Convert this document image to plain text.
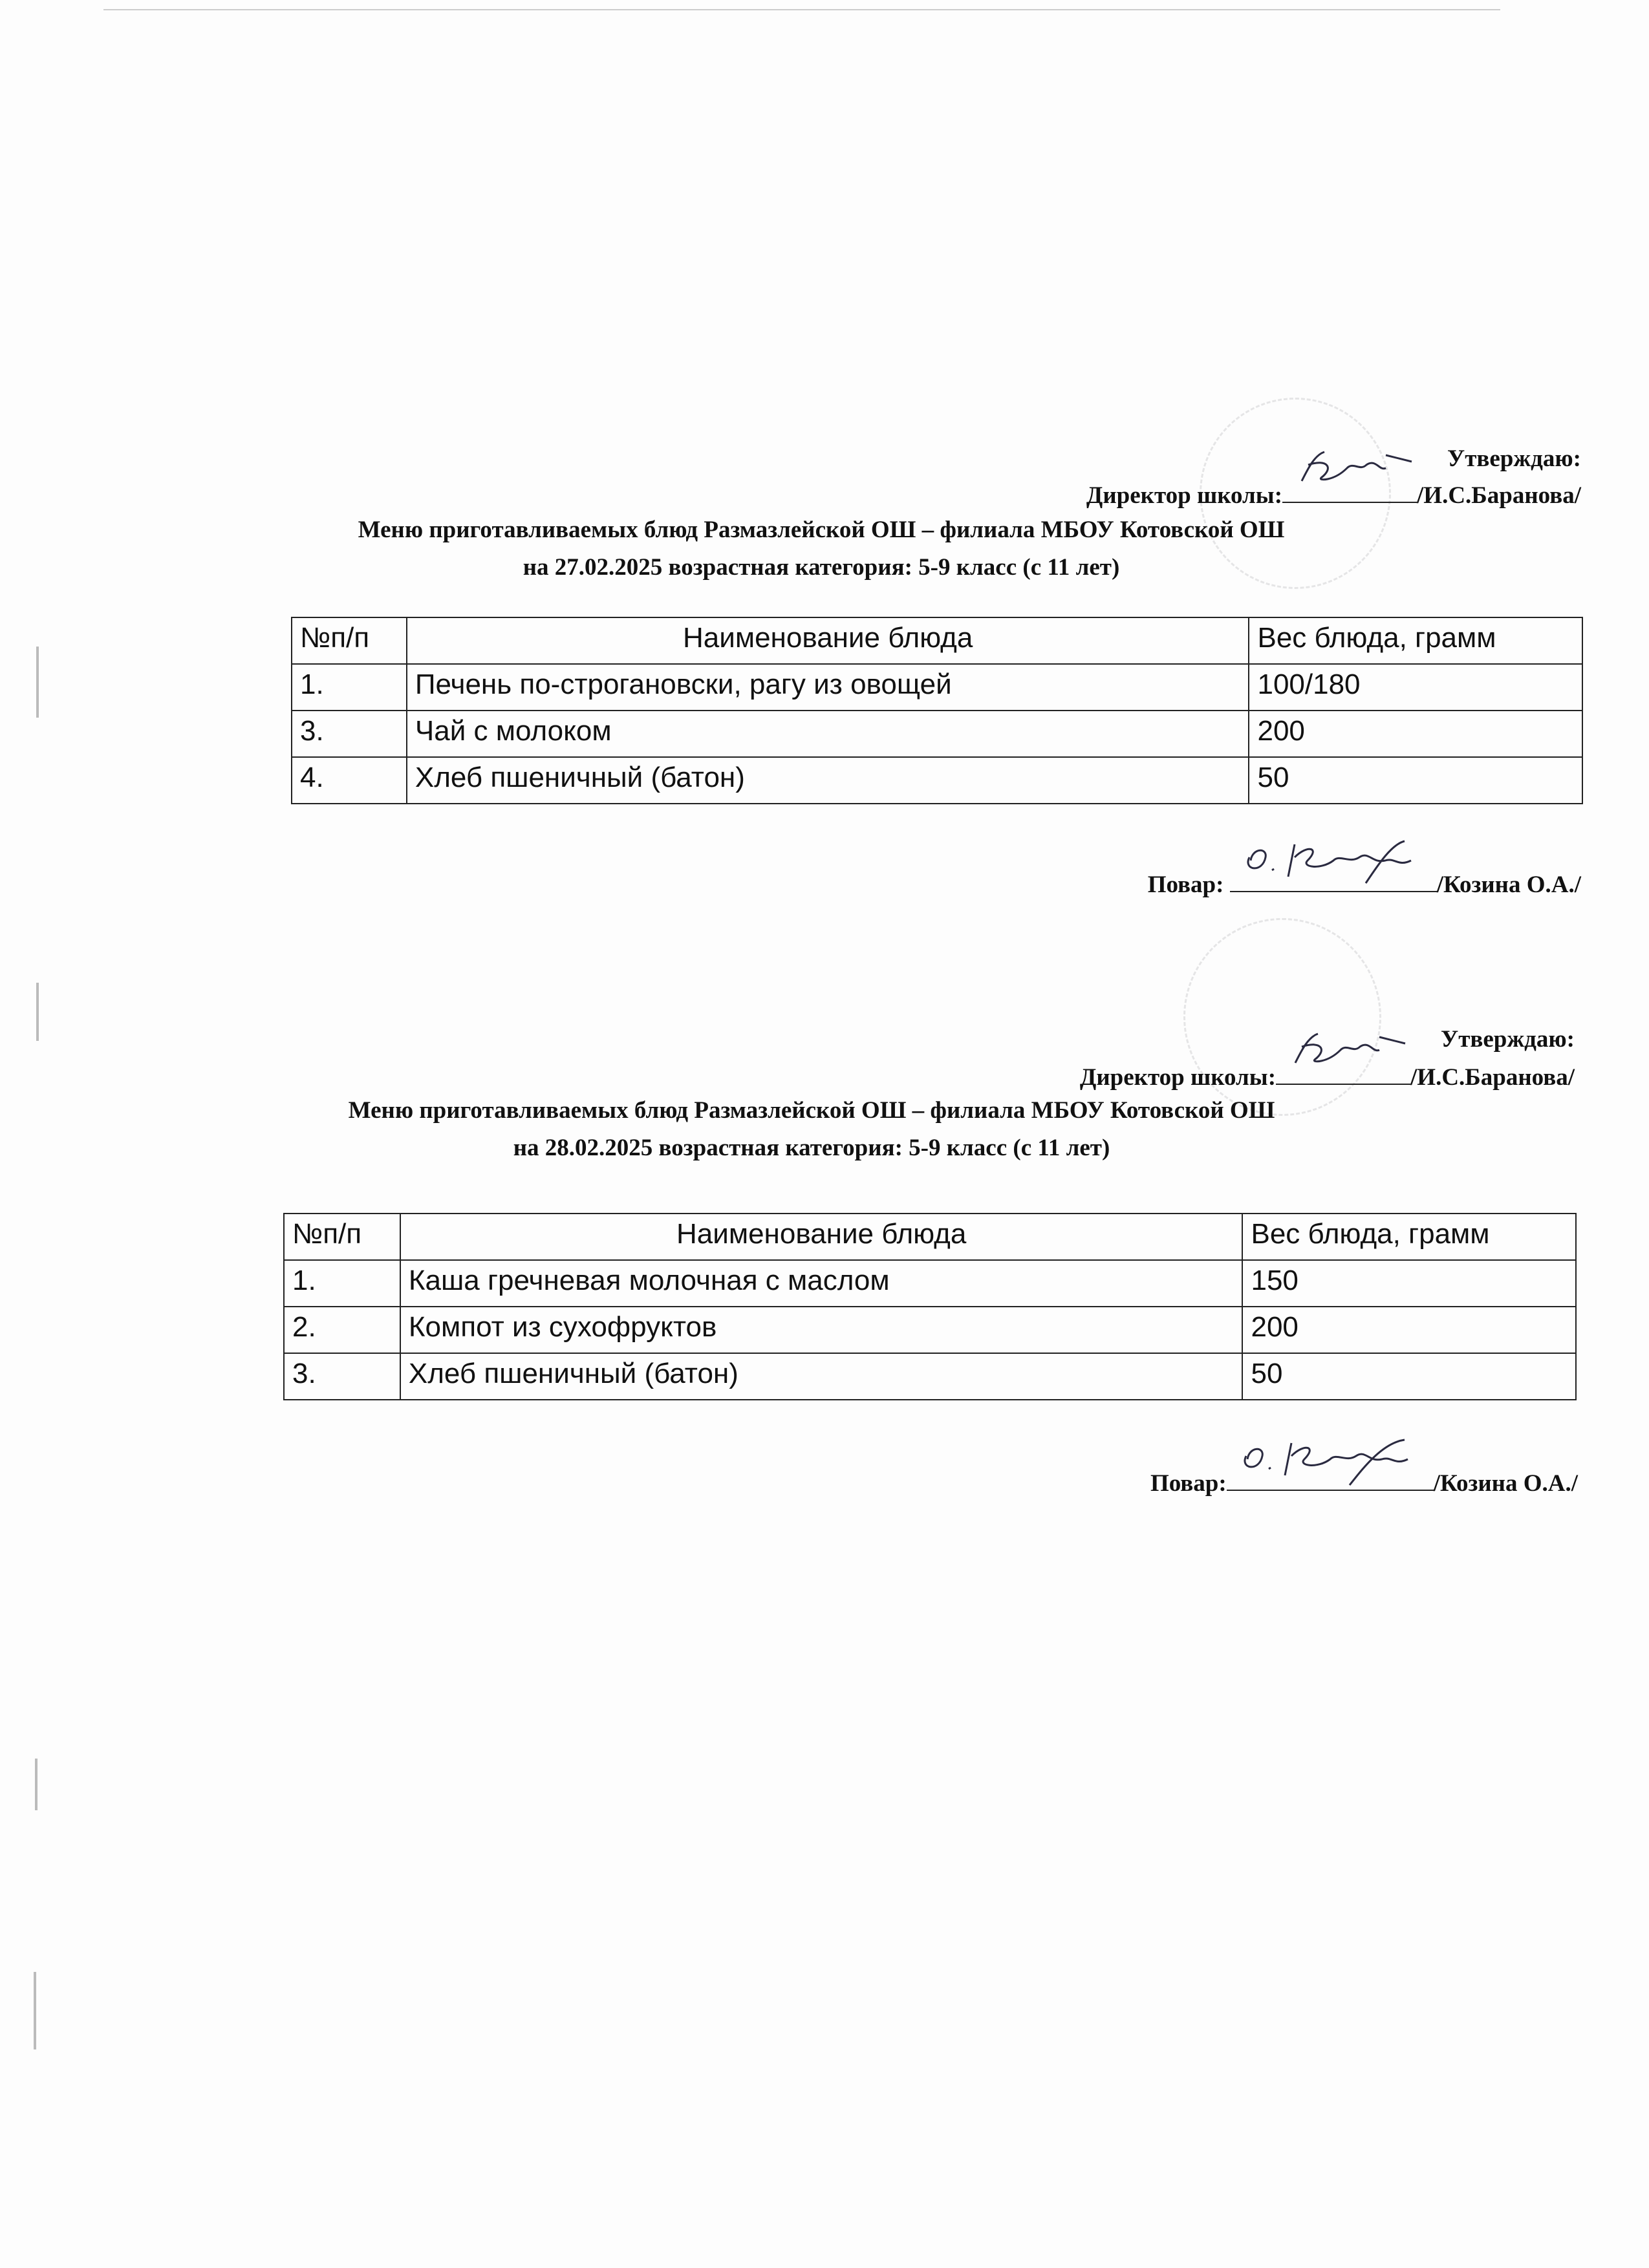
Утверждаю:
Директор школы:	/И.С.Баранова/
Меню приготавливаемых блюд Размазлейской ОШ – филиала МБОУ Котовской ОШ
на 27.02.2025 возрастная категория: 5-9 класс (с 11 лет)
№п/п	Наименование блюда	Вес блюда, грамм
1.	Печень по-строгановски, рагу из овощей	100/180
3.	Чай с молоком	200
4.	Хлеб пшеничный (батон)	50
Повар:	/Козина О.А./
Утверждаю:
Директор школы:	/И.С.Баранова/
Меню приготавливаемых блюд Размазлейской ОШ – филиала МБОУ Котовской ОШ
на 28.02.2025 возрастная категория: 5-9 класс (с 11 лет)
№п/п	Наименование блюда	Вес блюда, грамм
1.	Каша гречневая молочная с маслом	150
2.	Компот из сухофруктов	200
3.	Хлеб пшеничный (батон)	50
Повар:	/Козина О.А./
